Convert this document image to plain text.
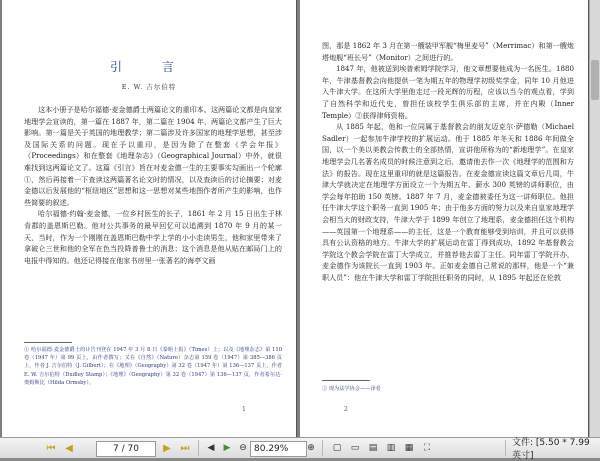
引　言
E. W. 吉尔伯特

这本小册子是哈尔福德·麦金德爵士两篇论文的重印本。这两篇论文都是向皇家地理学会宣读的，第一篇在 1887 年，第二篇在 1904 年，两篇论文都产生了巨大影响。第一篇是关于英国的地理教学；第二篇涉及许多国家的地理学思想，甚至涉及国际关系的问题。现在予以重印，是因为除了在整套《学会年报》（Proceedings）和在整套《地理杂志》（Geographical Journal）中外，就很难找到这两篇论文了。这篇《引言》旨在对麦金德一生的主要事实勾画出一个轮廓①，然后再接着一下查读这两篇著名论文时的情况，以及查读后的讨论摘要；对麦金德以后发展他的“枢纽地区”思想和这一思想对某些地图作者所产生的影响，也作些简要的叙述。

哈尔福德·约翰·麦金德，一位乡村医生的长子，1861 年 2 月 15 日出生于林肯郡的盖恩斯巴勒。他对公共事务的最早回忆可以追溯到 1870 年 9 月的某一天，当时，作为一个刚刚在盖恩斯巴勒中学上学的小小走读男生，他和家里带来了拿破仑三世和他的全军在色当投降普鲁士的消息；这个消息是他从贴在邮局门上的电报中得知的。他还记得接在他家书房里一张著名的海亭文画

① 哈尔福德·麦金德爵士的讣告刊登在 1947 年 3 月 8 日《泰晤士报》（Times）上；以及《地理杂志》第 110 卷（1947 年）第 99 页上，由作者撰写；又在《自然》（Nature）杂志第 159 卷（1947）第 385—386 页上，作者 J. 吉尔伯特（J. Gilbert）；在《地理》（Geography）第 32 卷（1947 年）第 136—137 页上，作者 E. W. 吉尔伯特（Dudley Stamp）；《地理》（Geography）第 32 卷（1947）第 136—137 页，作者希尔达·奥姆斯比（Hilda Ormsby）。
1

图，那是 1862 年 3 月在第一艘装甲军舰“梅里麦号”（Merrimac）和第一艘炮塔炮舰“班长号”（Monitor）之间进行的。

1847 年，他被送到埃普索姆学院学习，他文章想要他成为一名医生。1880 年，牛津基督教会向他提供一笔为期五年的物理学初级奖学金，同年 10 月他进入牛津大学。在这所大学里他走过一段光辉的历程，应该以当今的观点看，学到了自然科学和近代史，曾担任该校学生俱乐部的主席，并在内殿（Inner Temple）②获得律师资格。

从 1885 年起，他和一位同属于基督教会的朋友迈克尔·萨德勒（Michael Sadler）一起参加牛津学校的扩展运动。他于 1885 年冬天和 1886 年间做全国，以一个美以美教会传教士的全部热情，宣讲他所称为的“新地理学”。在皇家地理学会几名著名成员的时候注意到之后，邀请他去作一次《地理学的范围和方法》的报告。现在这里重印的就是这篇报告。在麦金德宣读这篇文章后几周，牛津大学就决定在地理学方面设立一个为期五年、薪水 300 英镑的讲师职位，由学会每年拍助 150 英镑。1887 年 7 月，麦金德被委任为这一讲师职位。他担任牛津大学这个职务一直到 1905 年；由于他多方面的努力以及来自皇家地理学会相当大的财政支持，牛津大学于 1899 年创立了地理系，麦金德担任这个机构——英国第一个地理系——的主任，这是一个教育能够受到培训，并且可以获得具有公认资格的地方。牛津大学的扩展运动在雷丁得到成功，1892 年基督教会学院这个教会学院在雷丁大学成立，并推荐他去雷丁主任。同年雷丁学院开办，麦金德作为该院长一直到 1903 年。正如麦金德自己常说的那样，他是一个“兼职人员”：他在牛津大学和雷丁学院担任职务的同时，从 1895 年起还在伦敦

② 现为法学协会——译者
2
⏮ ◀	7 / 70	▶ ⏭	◀	▶ ⊖ 80.29%	⊕	▢	▭	▤	▥	▦	⛶	文件: [5.50 * 7.99 英寸]
